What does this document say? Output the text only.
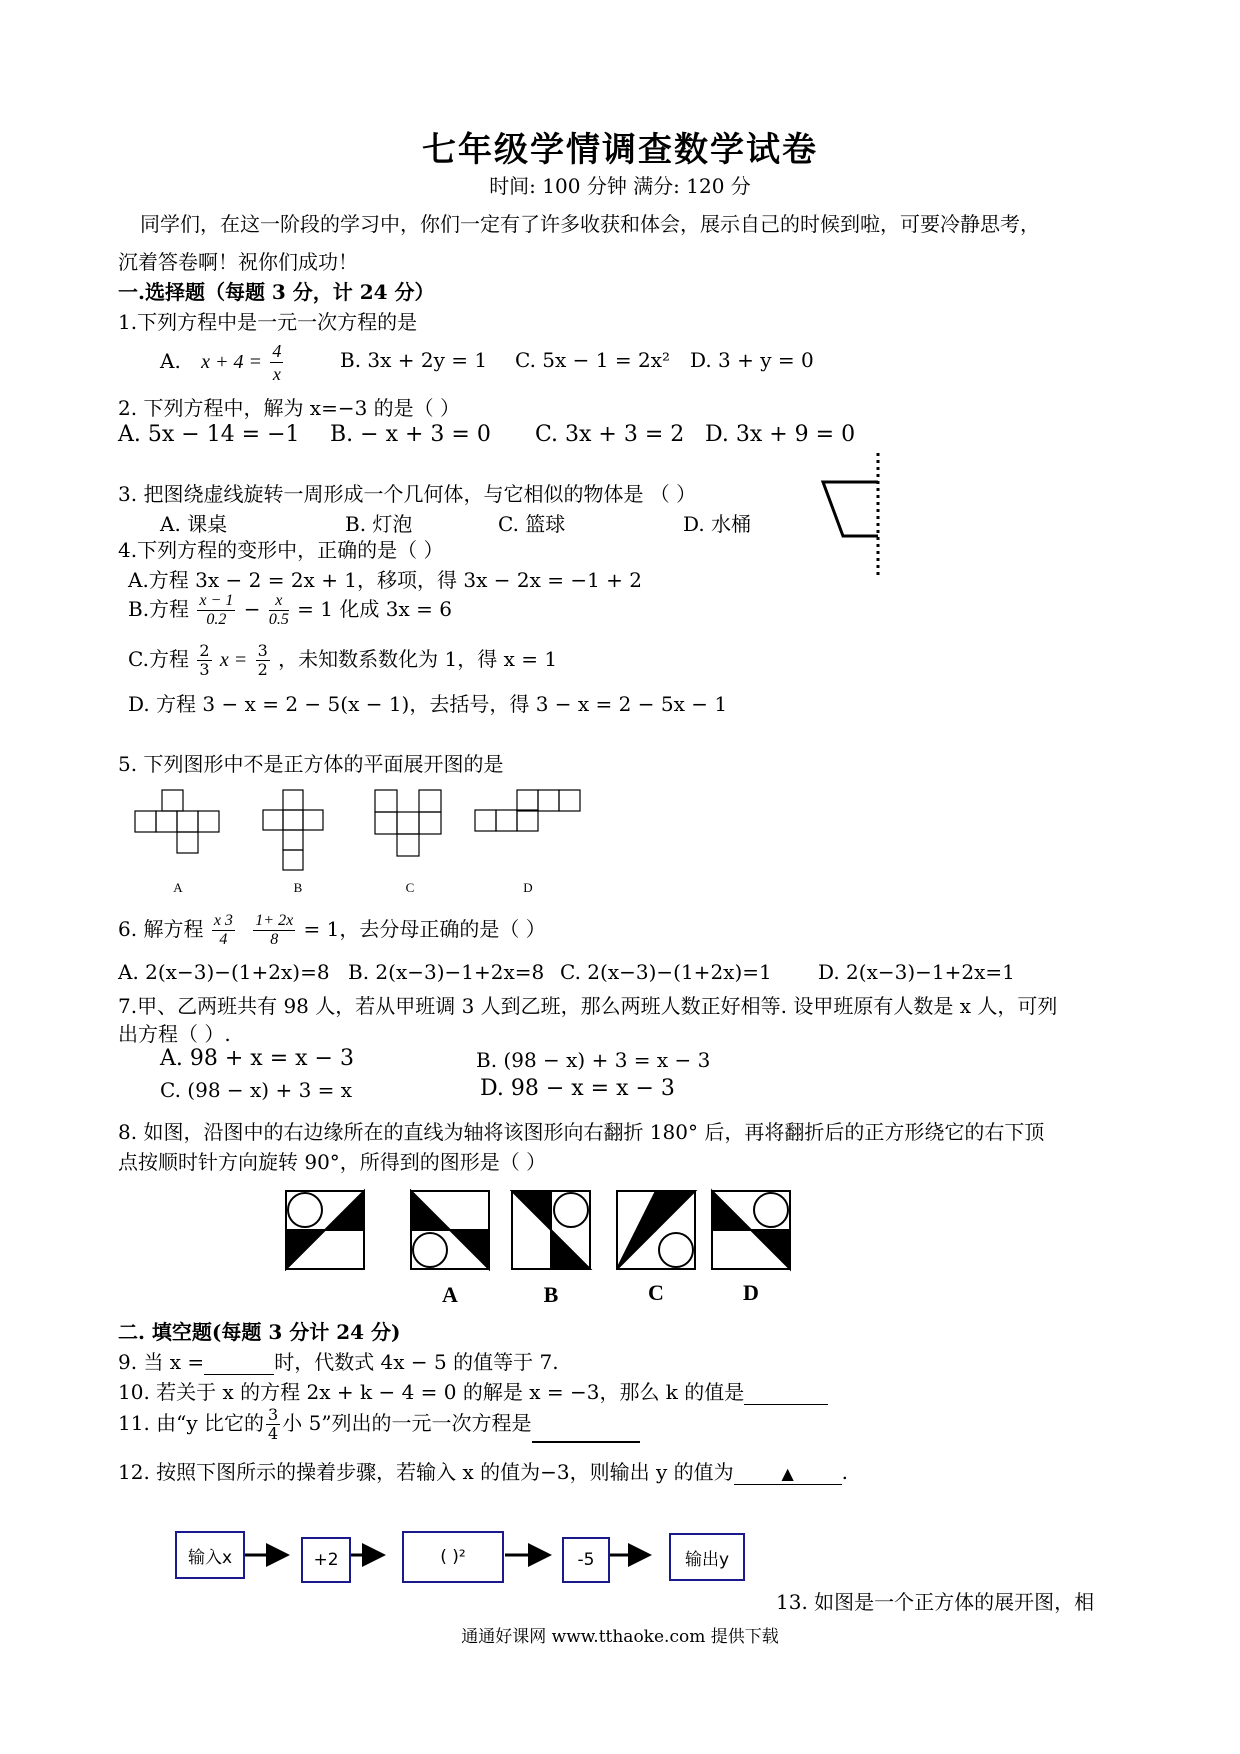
七年级学情调查数学试卷
时间: 100 分钟 满分: 120 分
同学们，在这一阶段的学习中，你们一定有了许多收获和体会，展示自己的时候到啦，可要冷静思考，
沉着答卷啊！祝你们成功！
一.选择题（每题 3 分，计 24 分）
1.下列方程中是一元一次方程的是
A. $x + 4 = \frac{4}{x}$	B. 3x + 2y = 1 C. 5x − 1 = 2x² D. 3 + y = 0
2. 下列方程中，解为 x=−3 的是（ ）
A. 5x − 14 = −1 B. − x + 3 = 0 C. 3x + 3 = 2 D. 3x + 9 = 0
3. 把图绕虚线旋转一周形成一个几何体，与它相似的物体是 （ ）
A. 课桌	B. 灯泡	C. 篮球	D. 水桶
4.下列方程的变形中，正确的是（ ）
A.方程 3x − 2 = 2x + 1，移项，得 3x − 2x = −1 + 2
B.方程 $\frac{x - 1}{0.2} - \frac{x}{0.5} = 1$ 化成 3x = 6
C.方程 $\frac{2}{3}$ $x = \frac{3}{2}$ ，未知数系数化为 1，得 x = 1
D. 方程 3 − x = 2 − 5(x − 1)，去括号，得 3 − x = 2 − 5x − 1
5. 下列图形中不是正方体的平面展开图的是
A	B	C	D
6. 解方程 $\frac{x 3}{4}$
$\frac{1+ 2x}{8} = 1$，去分母正确的是（ ）
A. 2(x−3)−(1+2x)=8 B. 2(x−3)−1+2x=8 C. 2(x−3)−(1+2x)=1 D. 2(x−3)−1+2x=1
7.甲、乙两班共有 98 人，若从甲班调 3 人到乙班，那么两班人数正好相等. 设甲班原有人数是 x 人，可列
出方程（ ）.
A. 98 + x = x − 3	B. (98 − x) + 3 = x − 3
C. (98 − x) + 3 = x	D. 98 − x = x − 3
8. 如图，沿图中的右边缘所在的直线为轴将该图形向右翻折 180° 后，再将翻折后的正方形绕它的右下顶
点按顺时针方向旋转 90°，所得到的图形是（ ）
A	B	C	D
二. 填空题(每题 3 分计 24 分)
9. 当 x =	时，代数式 4x − 5 的值等于 7.
10. 若关于 x 的方程 2x + k − 4 = 0 的解是 x = −3，那么 k 的值是
11. 由“y 比它的 $\frac{3}{4}$ 小 5”列出的一元一次方程是
12. 按照下图所示的操着步骤，若输入 x 的值为−3，则输出 y 的值为	▲ .
输入x	+2	( )²	-5	输出y
13. 如图是一个正方体的展开图，相
通通好课网 www.tthaoke.com 提供下载
